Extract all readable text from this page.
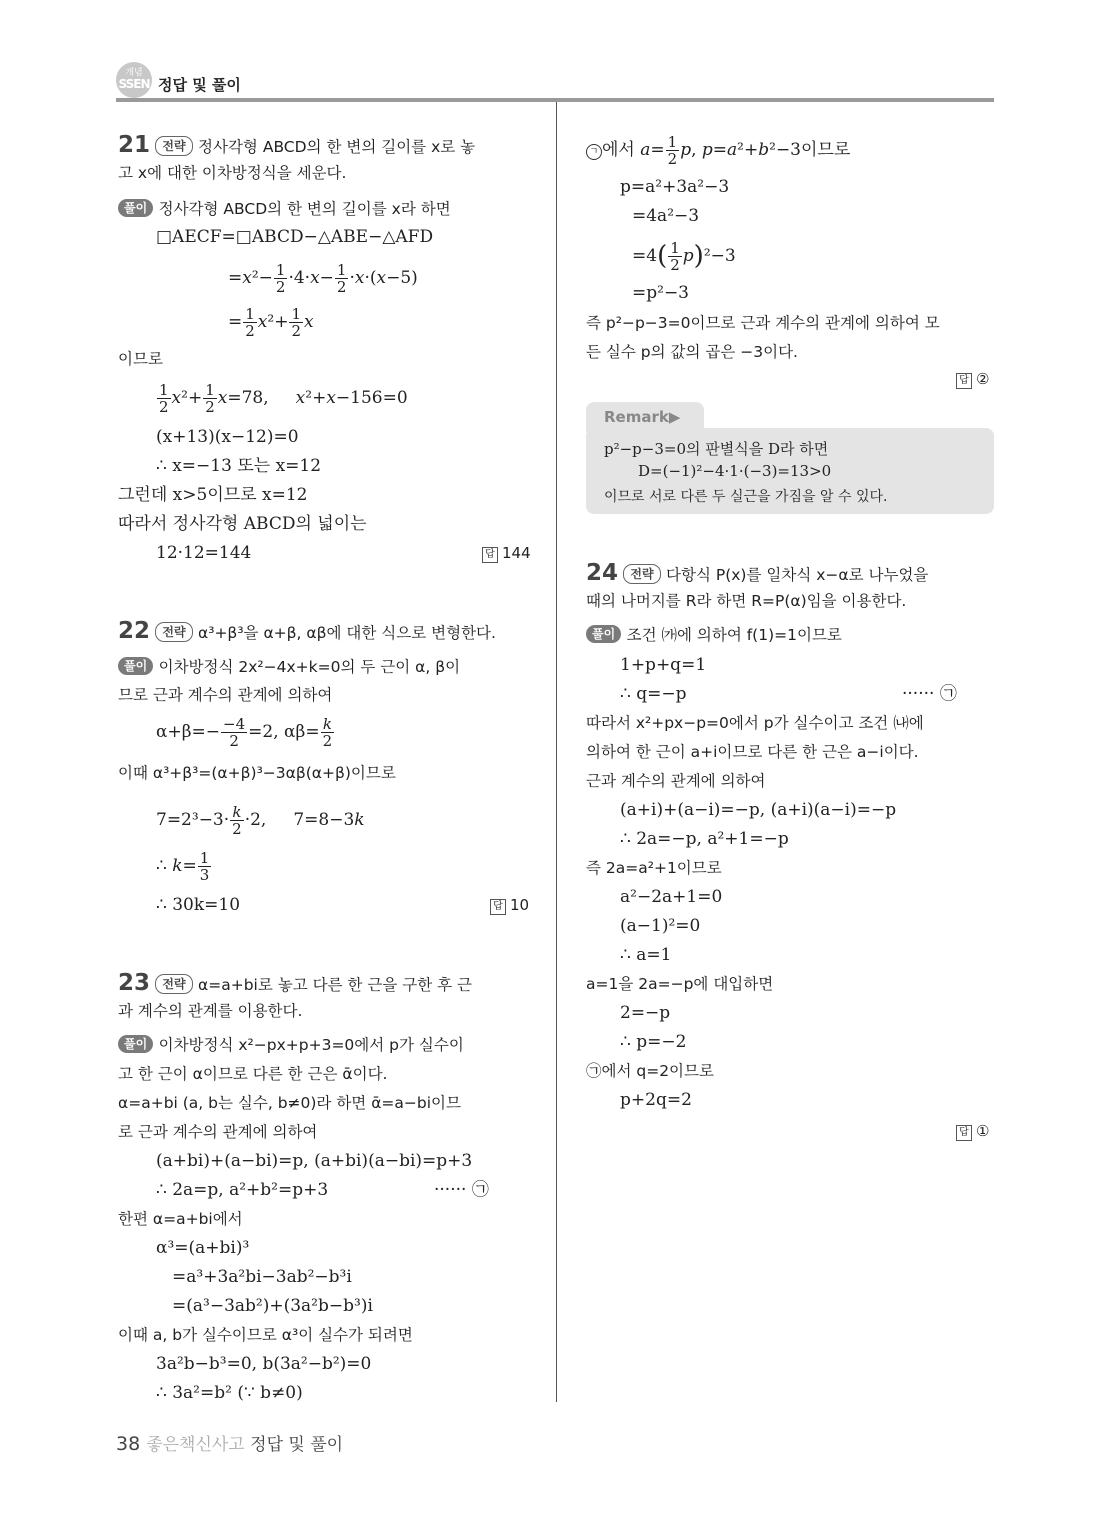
개념
SSEN 정답 및 풀이
21 전략 정사각형 ABCD의 한 변의 길이를 x로 놓
고 x에 대한 이차방정식을 세운다.
풀이 정사각형 ABCD의 한 변의 길이를 x라 하면
□AECF=□ABCD−△ABE−△AFD
$=x^2- \frac{1}{2} \cdot 4\cdot x- \frac{1}{2} \cdot x\cdot(x-5)$
= $\frac{1}{2} x^2+ \frac{1}{2}$ x
이므로
$\frac{1}{2} x^2+ \frac{1}{2} x=78$,     x²+x−156=0
(x+13)(x−12)=0
∴ x=−13 또는 x=12
그런데 x>5이므로 x=12
따라서 정사각형 ABCD의 넓이는
12·12=144	답 144
22 전략 α³+β³을 α+β, αβ에 대한 식으로 변형한다.
풀이 이차방정식 2x²−4x+k=0의 두 근이 α, β이
므로 근과 계수의 관계에 의하여
$\alpha+\beta=- \frac{-4}{2} =2$, $\alpha\beta= \frac{k}{2}$
이때 α³+β³=(α+β)³−3αβ(α+β)이므로
$7=2^3-3\cdot \frac{k}{2} \cdot 2$,     7=8−3k
∴ $k= \frac{1}{3}$
∴ 30k=10	답 10
23 전략 α=a+bi로 놓고 다른 한 근을 구한 후 근
과 계수의 관계를 이용한다.
풀이 이차방정식 x²−px+p+3=0에서 p가 실수이
고 한 근이 α이므로 다른 한 근은 ᾱ이다.
α=a+bi (a, b는 실수, b≠0)라 하면 ᾱ=a−bi이므
로 근과 계수의 관계에 의하여
(a+bi)+(a−bi)=p, (a+bi)(a−bi)=p+3
∴ 2a=p, a²+b²=p+3	······ ㉠
한편 α=a+bi에서
α³=(a+bi)³
=a³+3a²bi−3ab²−b³i
=(a³−3ab²)+(3a²b−b³)i
이때 a, b가 실수이므로 α³이 실수가 되려면
3a²b−b³=0, b(3a²−b²)=0
∴ 3a²=b² (∵ b≠0)
ㄱ 에서 $a= \frac{1}{2} p$, p=a²+b²−3이므로
p=a²+3a²−3
=4a²−3
$=4( \frac{1}{2} p)^2-3$
=p²−3
즉 p²−p−3=0이므로 근과 계수의 관계에 의하여 모
든 실수 p의 값의 곱은 −3이다.
답 ②
Remark▶
p²−p−3=0의 판별식을 D라 하면
D=(−1)²−4·1·(−3)=13>0
이므로 서로 다른 두 실근을 가짐을 알 수 있다.
24 전략 다항식 P(x)를 일차식 x−α로 나누었을
때의 나머지를 R라 하면 R=P(α)임을 이용한다.
풀이 조건 ㈎에 의하여 f(1)=1이므로
1+p+q=1
∴ q=−p	······ ㉠
따라서 x²+px−p=0에서 p가 실수이고 조건 ㈏에
의하여 한 근이 a+i이므로 다른 한 근은 a−i이다.
근과 계수의 관계에 의하여
(a+i)+(a−i)=−p, (a+i)(a−i)=−p
∴ 2a=−p, a²+1=−p
즉 2a=a²+1이므로
a²−2a+1=0
(a−1)²=0
∴ a=1
a=1을 2a=−p에 대입하면
2=−p
∴ p=−2
㉠에서 q=2이므로
p+2q=2
답 ①
38 좋은책신사고 정답 및 풀이
